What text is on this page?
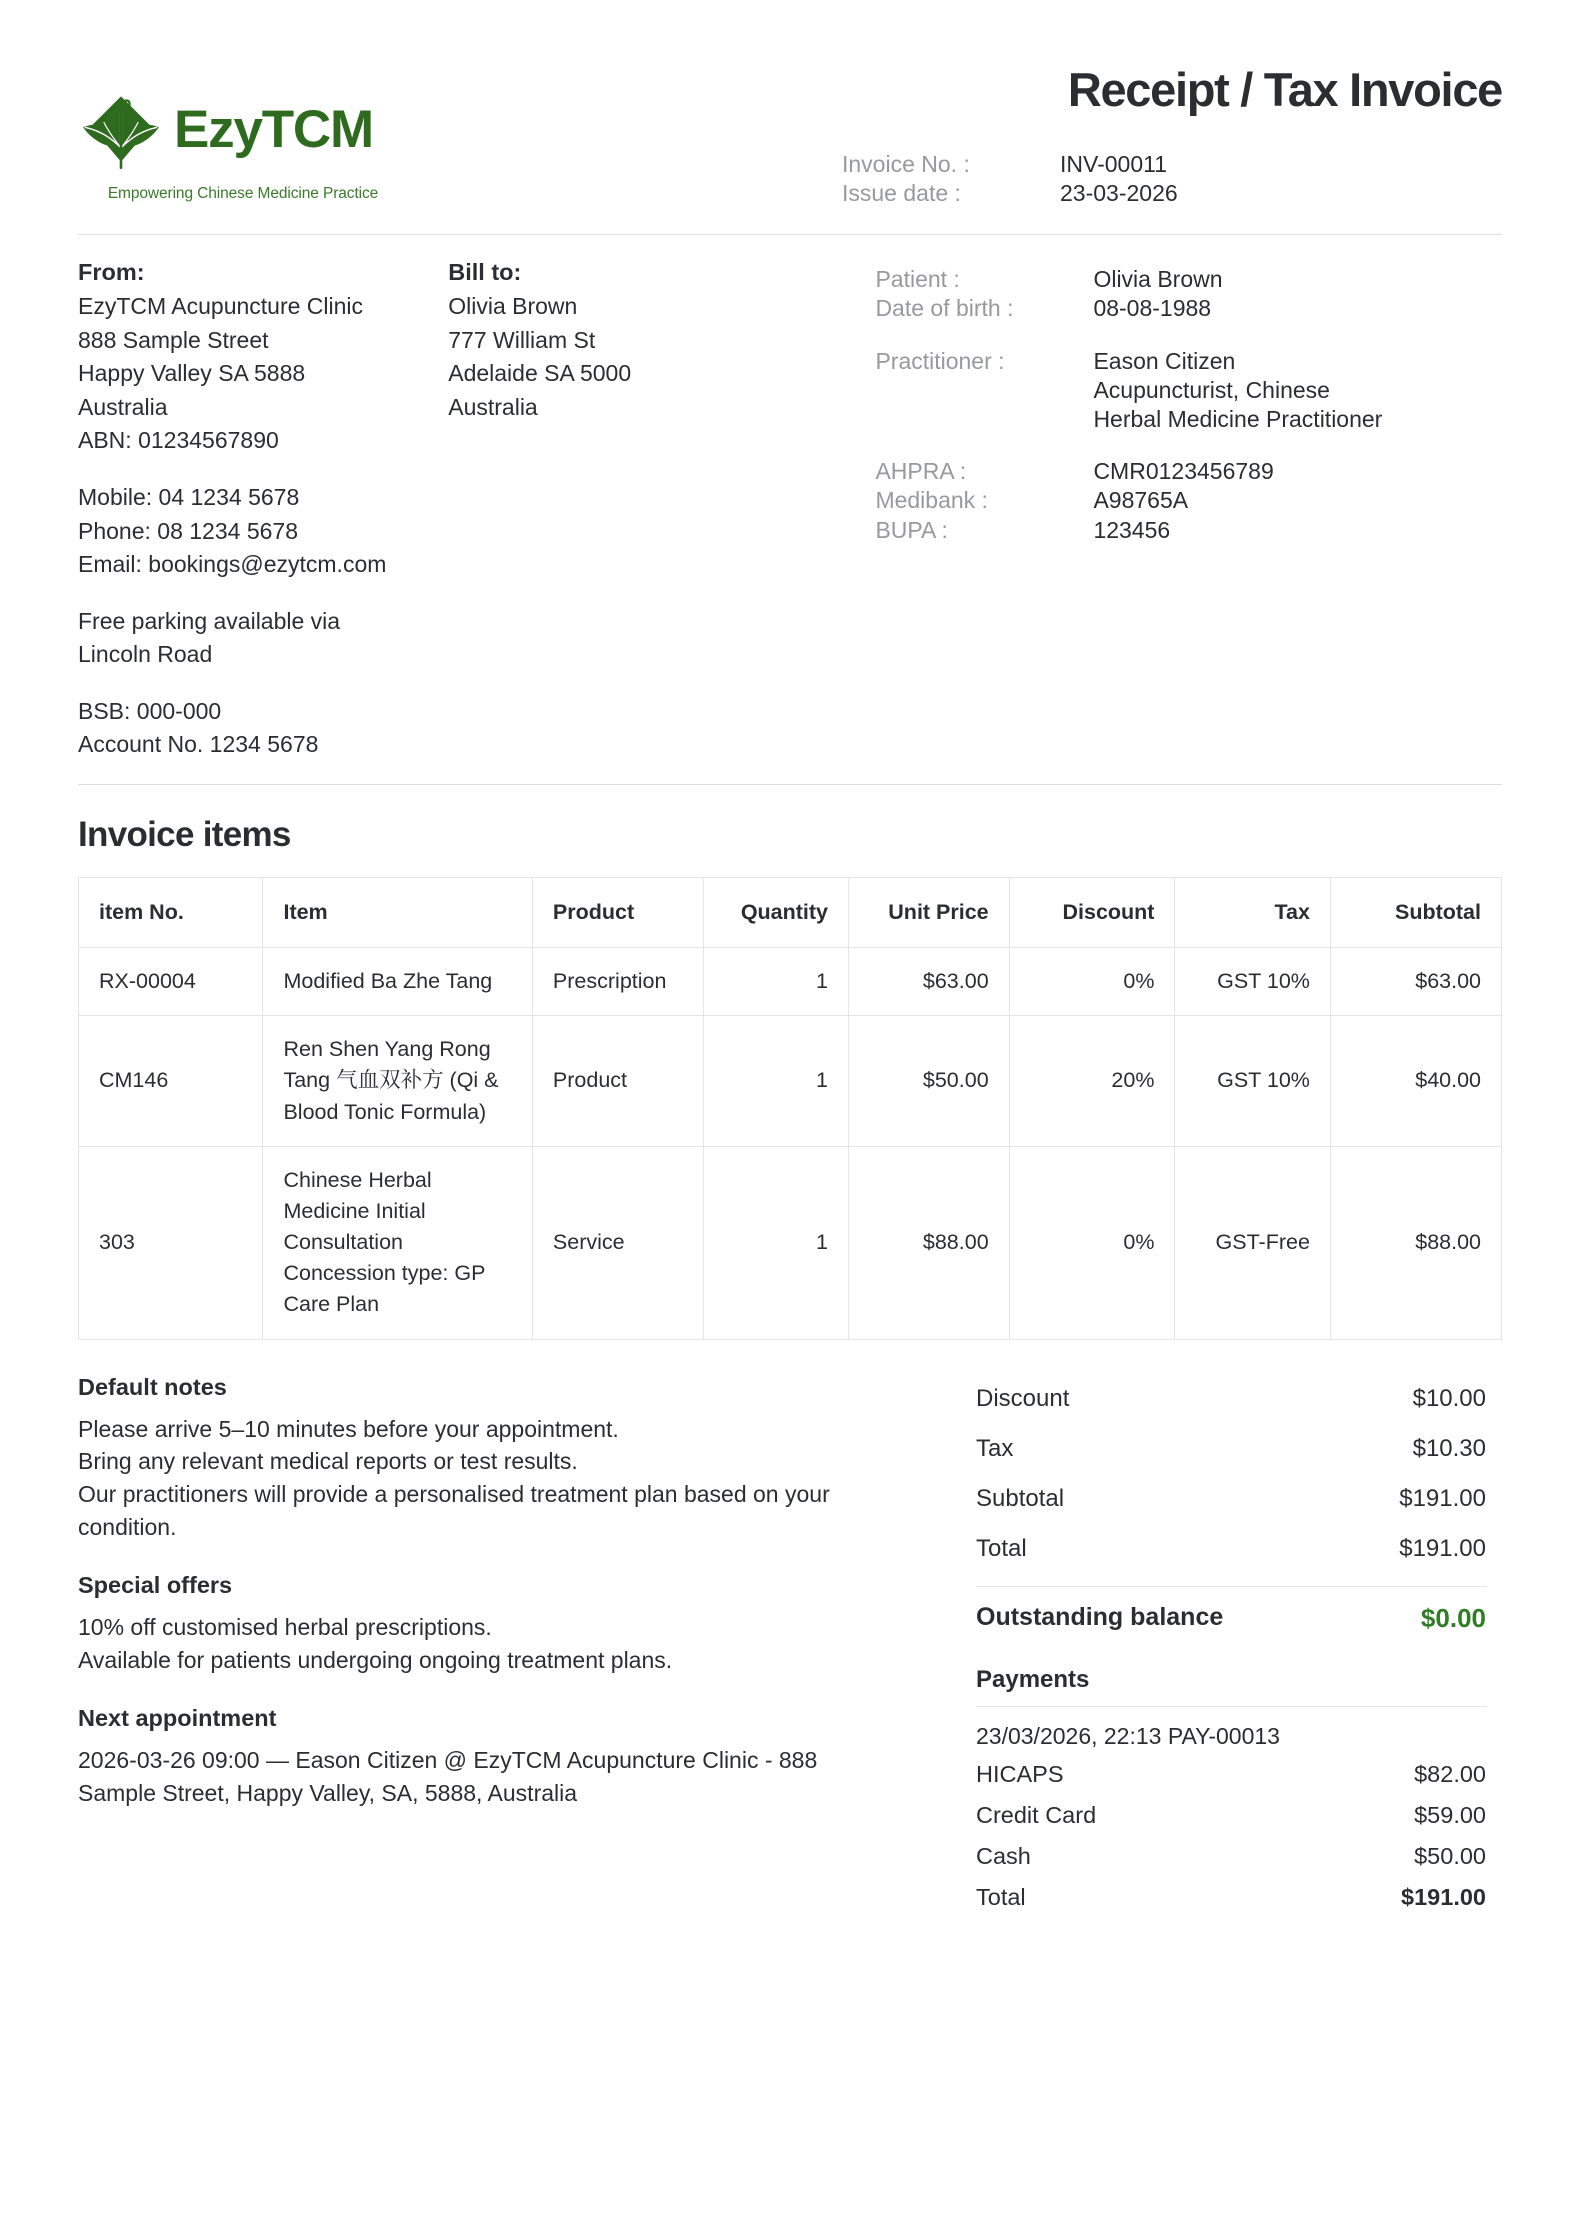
EzyTCM
Empowering Chinese Medicine Practice
Receipt / Tax Invoice
Invoice No. :	INV-00011
Issue date :	23-03-2026
From:
EzyTCM Acupuncture Clinic
888 Sample Street
Happy Valley SA 5888
Australia
ABN: 01234567890
Mobile: 04 1234 5678
Phone: 08 1234 5678
Email: bookings@ezytcm.com
Free parking available via
Lincoln Road
BSB: 000-000
Account No. 1234 5678
Bill to:
Olivia Brown
777 William St
Adelaide SA 5000
Australia
Patient :	Olivia Brown
Date of birth :	08-08-1988
Practitioner :	Eason Citizen
Acupuncturist, Chinese
Herbal Medicine Practitioner
AHPRA :	CMR0123456789
Medibank :	A98765A
BUPA :	123456
Invoice items
item No.	Item	Product	Quantity	Unit Price	Discount	Tax	Subtotal
RX-00004	Modified Ba Zhe Tang	Prescription	1	$63.00	0%	GST 10%	$63.00
CM146	Ren Shen Yang Rong Tang 气血双补方 (Qi & Blood Tonic Formula)	Product	1	$50.00	20%	GST 10%	$40.00
303	Chinese Herbal Medicine Initial Consultation Concession type: GP Care Plan	Service	1	$88.00	0%	GST-Free	$88.00
Default notes
Please arrive 5–10 minutes before your appointment.
Bring any relevant medical reports or test results.
Our practitioners will provide a personalised treatment plan based on your condition.
Special offers
10% off customised herbal prescriptions.
Available for patients undergoing ongoing treatment plans.
Next appointment
2026-03-26 09:00 — Eason Citizen @ EzyTCM Acupuncture Clinic - 888 Sample Street, Happy Valley, SA, 5888, Australia
Discount	$10.00
Tax	$10.30
Subtotal	$191.00
Total	$191.00
Outstanding balance	$0.00
Payments
23/03/2026, 22:13 PAY-00013
HICAPS	$82.00
Credit Card	$59.00
Cash	$50.00
Total	$191.00
